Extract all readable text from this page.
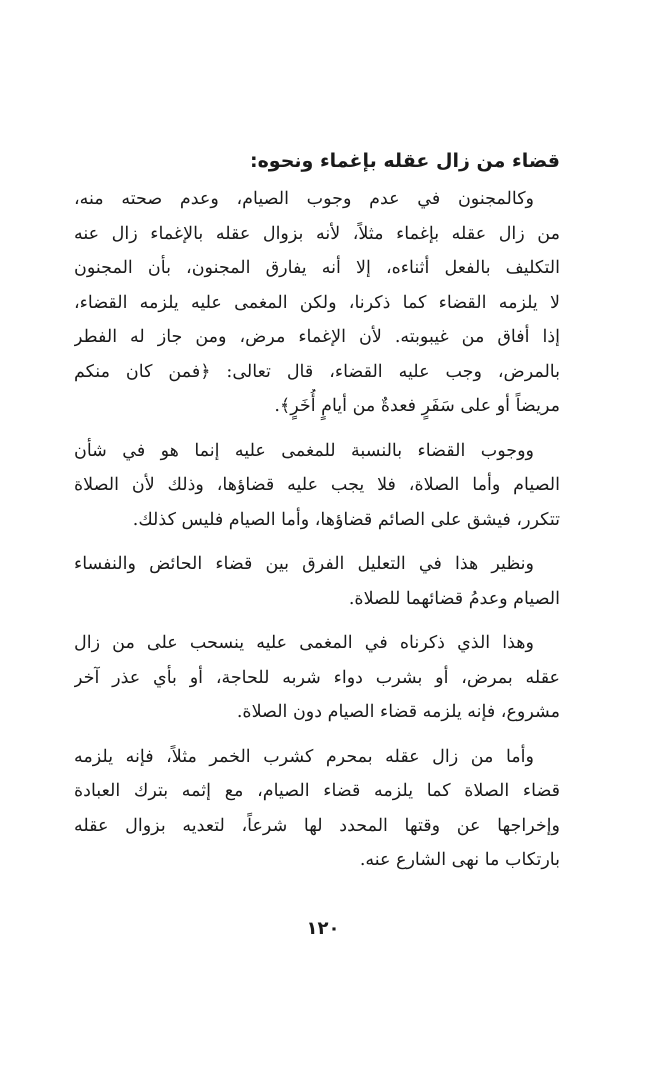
قضاء من زال عقله بإغماء ونحوه:
وكالمجنون في عدم وجوب الصيام، وعدم صحته منه،
من زال عقله بإغماء مثلاً، لأنه بزوال عقله بالإغماء زال عنه
التكليف بالفعل أثناءه، إلا أنه يفارق المجنون، بأن المجنون
لا يلزمه القضاء كما ذكرنا، ولكن المغمى عليه يلزمه القضاء،
إذا أفاق من غيبوبته. لأن الإغماء مرض، ومن جاز له الفطر
بالمرض، وجب عليه القضاء، قال تعالى: ﴿فمن كان منكم
مريضاً أو على سَفَرٍ فعدةٌ من أيامٍ أُخَرٍ﴾.
ووجوب القضاء بالنسبة للمغمى عليه إنما هو في شأن
الصيام وأما الصلاة، فلا يجب عليه قضاؤها، وذلك لأن الصلاة
تتكرر، فيشق على الصائم قضاؤها، وأما الصيام فليس كذلك.
ونظير هذا في التعليل الفرق بين قضاء الحائض والنفساء
الصيام وعدمُ قضائهما للصلاة.
وهذا الذي ذكرناه في المغمى عليه ينسحب على من زال
عقله بمرض، أو بشرب دواء شربه للحاجة، أو بأي عذر آخر
مشروع، فإنه يلزمه قضاء الصيام دون الصلاة.
وأما من زال عقله بمحرم كشرب الخمر مثلاً، فإنه يلزمه
قضاء الصلاة كما يلزمه قضاء الصيام، مع إثمه بترك العبادة
وإخراجها عن وقتها المحدد لها شرعاً، لتعديه بزوال عقله
بارتكاب ما نهى الشارع عنه.
١٢٠
